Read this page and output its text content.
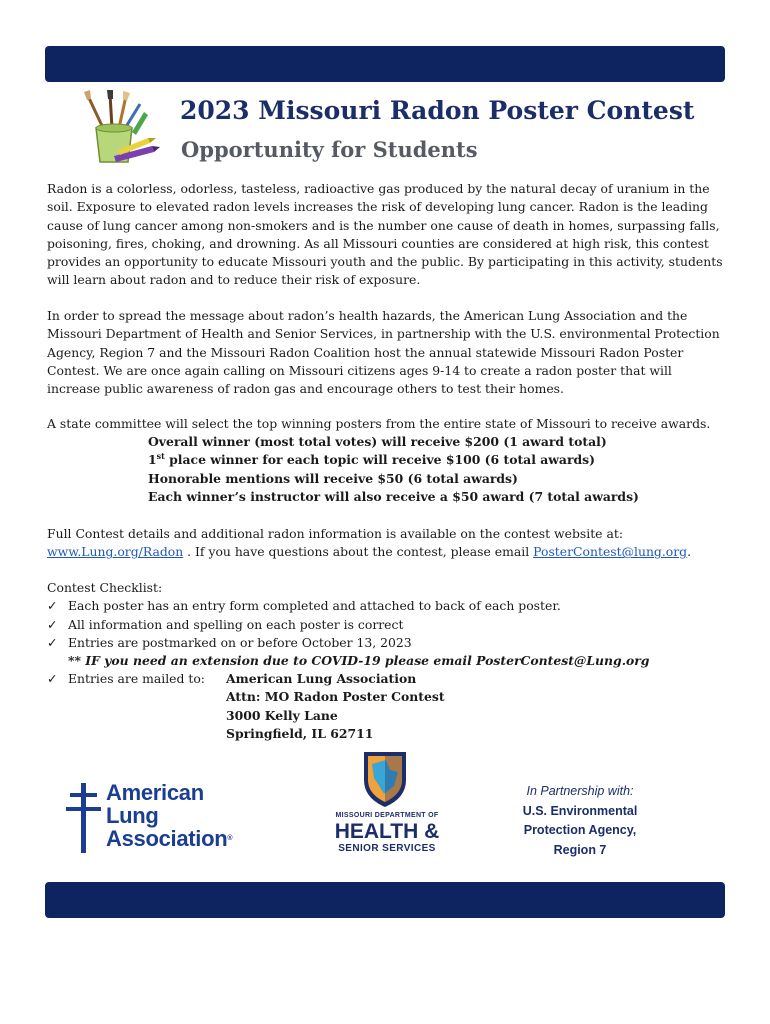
2023 Missouri Radon Poster Contest
Opportunity for Students

Radon is a colorless, odorless, tasteless, radioactive gas produced by the natural decay of uranium in the soil. Exposure to elevated radon levels increases the risk of developing lung cancer. Radon is the leading cause of lung cancer among non-smokers and is the number one cause of death in homes, surpassing falls, poisoning, fires, choking, and drowning. As all Missouri counties are considered at high risk, this contest provides an opportunity to educate Missouri youth and the public. By participating in this activity, students will learn about radon and to reduce their risk of exposure.

In order to spread the message about radon’s health hazards, the American Lung Association and the Missouri Department of Health and Senior Services, in partnership with the U.S. environmental Protection Agency, Region 7 and the Missouri Radon Coalition host the annual statewide Missouri Radon Poster Contest. We are once again calling on Missouri citizens ages 9-14 to create a radon poster that will increase public awareness of radon gas and encourage others to test their homes.

A state committee will select the top winning posters from the entire state of Missouri to receive awards.

Overall winner (most total votes) will receive $200 (1 award total)
1st place winner for each topic will receive $100 (6 total awards)
Honorable mentions will receive $50 (6 total awards)
Each winner’s instructor will also receive a $50 award (7 total awards)

Full Contest details and additional radon information is available on the contest website at:
www.Lung.org/Radon . If you have questions about the contest, please email PosterContest@lung.org.

Contest Checklist:
✓ Each poster has an entry form completed and attached to back of each poster.
✓ All information and spelling on each poster is correct
✓ Entries are postmarked on or before October 13, 2023
** IF you need an extension due to COVID-19 please email PosterContest@Lung.org
✓ Entries are mailed to:	American Lung Association
Attn: MO Radon Poster Contest
3000 Kelly Lane
Springfield, IL 62711
American
Lung
Association®
MISSOURI DEPARTMENT OF
HEALTH &
SENIOR SERVICES
In Partnership with:
U.S. Environmental
Protection Agency,
Region 7
